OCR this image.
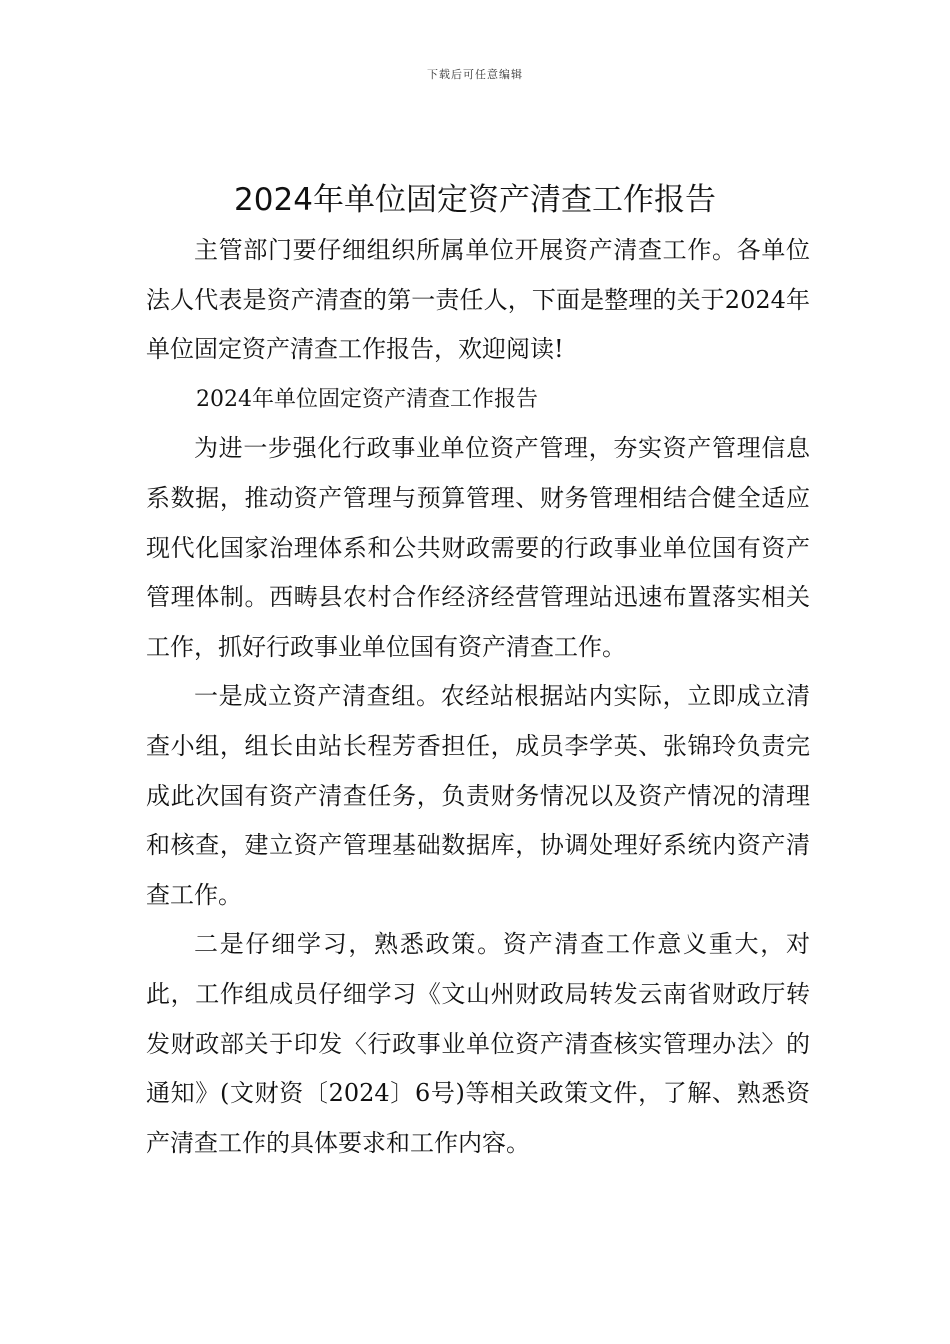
下载后可任意编辑
2024年单位固定资产清查工作报告

主管部门要仔细组织所属单位开展资产清查工作。各单位法人代表是资产清查的第一责任人，下面是整理的关于2024年单位固定资产清查工作报告，欢迎阅读!

2024年单位固定资产清查工作报告

为进一步强化行政事业单位资产管理，夯实资产管理信息系数据，推动资产管理与预算管理、财务管理相结合健全适应现代化国家治理体系和公共财政需要的行政事业单位国有资产管理体制。西畴县农村合作经济经营管理站迅速布置落实相关工作，抓好行政事业单位国有资产清查工作。

一是成立资产清查组。农经站根据站内实际，立即成立清查小组，组长由站长程芳香担任，成员李学英、张锦玲负责完成此次国有资产清查任务，负责财务情况以及资产情况的清理和核查，建立资产管理基础数据库，协调处理好系统内资产清查工作。

二是仔细学习，熟悉政策。资产清查工作意义重大，对此，工作组成员仔细学习《文山州财政局转发云南省财政厅转发财政部关于印发〈行政事业单位资产清查核实管理办法〉的通知》(文财资〔2024〕6号)等相关政策文件，了解、熟悉资产清查工作的具体要求和工作内容。
